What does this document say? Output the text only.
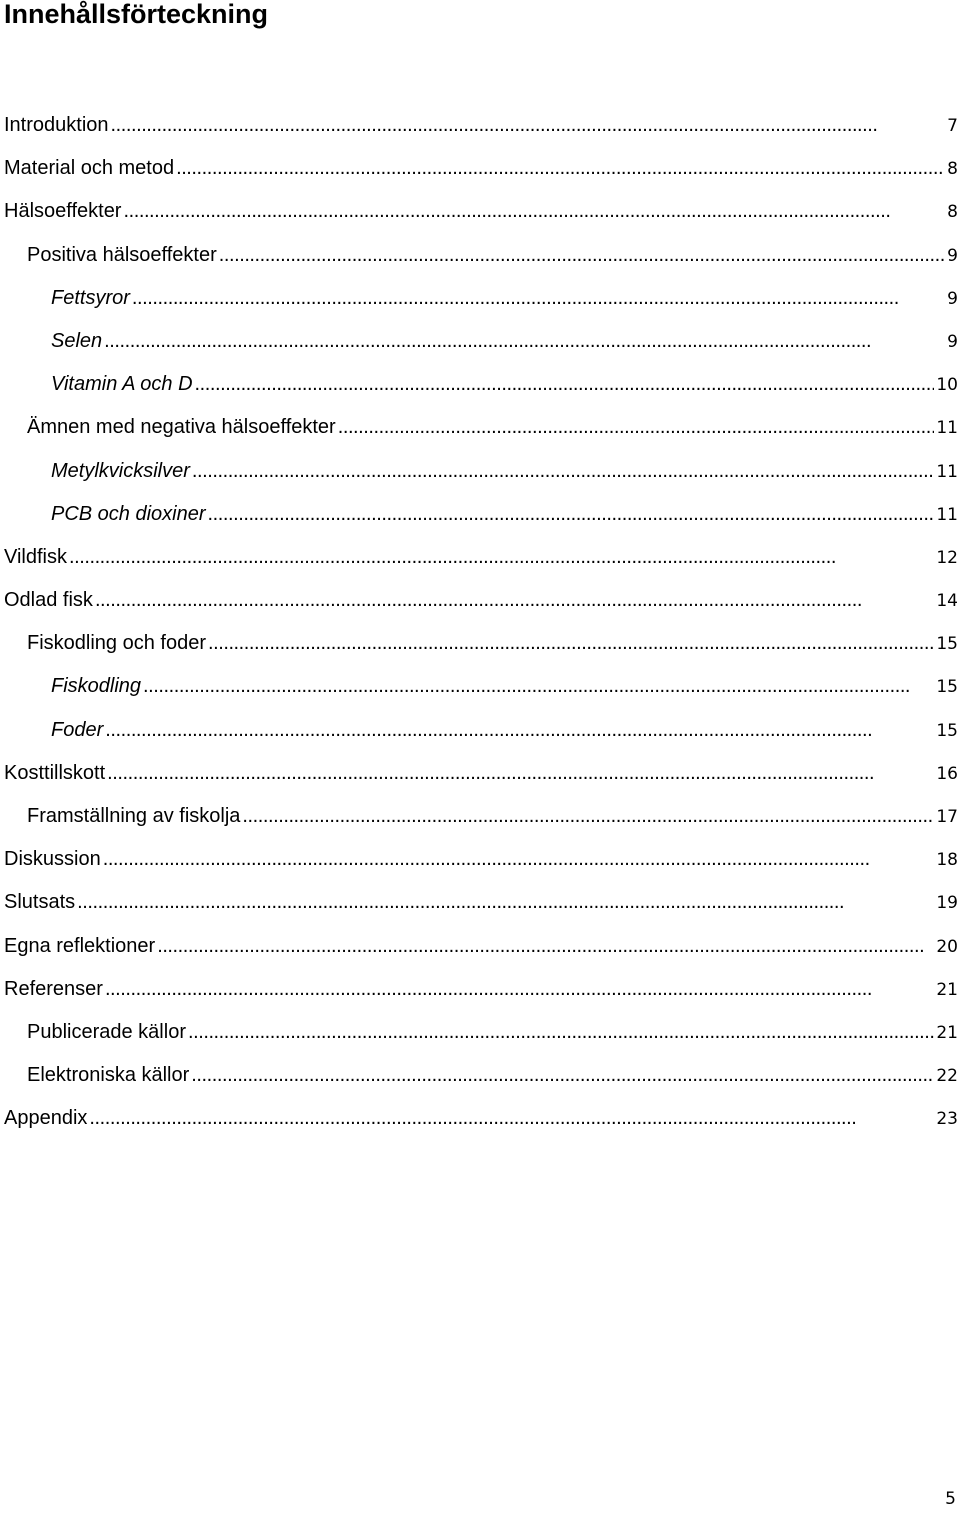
Innehållsförteckning
Introduktion . . .	7
Material och metod . . .	8
Hälsoeffekter . . .	8
Positiva hälsoeffekter . . .	9
Fettsyror . . .	9
Selen . . .	9
Vitamin A och D . . .	10
Ämnen med negativa hälsoeffekter . . .	11
Metylkvicksilver . . .	11
PCB och dioxiner . . .	11
Vildfisk . . .	12
Odlad fisk . . .	14
Fiskodling och foder . . .	15
Fiskodling . . .	15
Foder . . .	15
Kosttillskott . . .	16
Framställning av fiskolja . . .	17
Diskussion . . .	18
Slutsats . . .	19
Egna reflektioner . . .	20
Referenser . . .	21
Publicerade källor . . .	21
Elektroniska källor . . .	22
Appendix . . .	23
5
